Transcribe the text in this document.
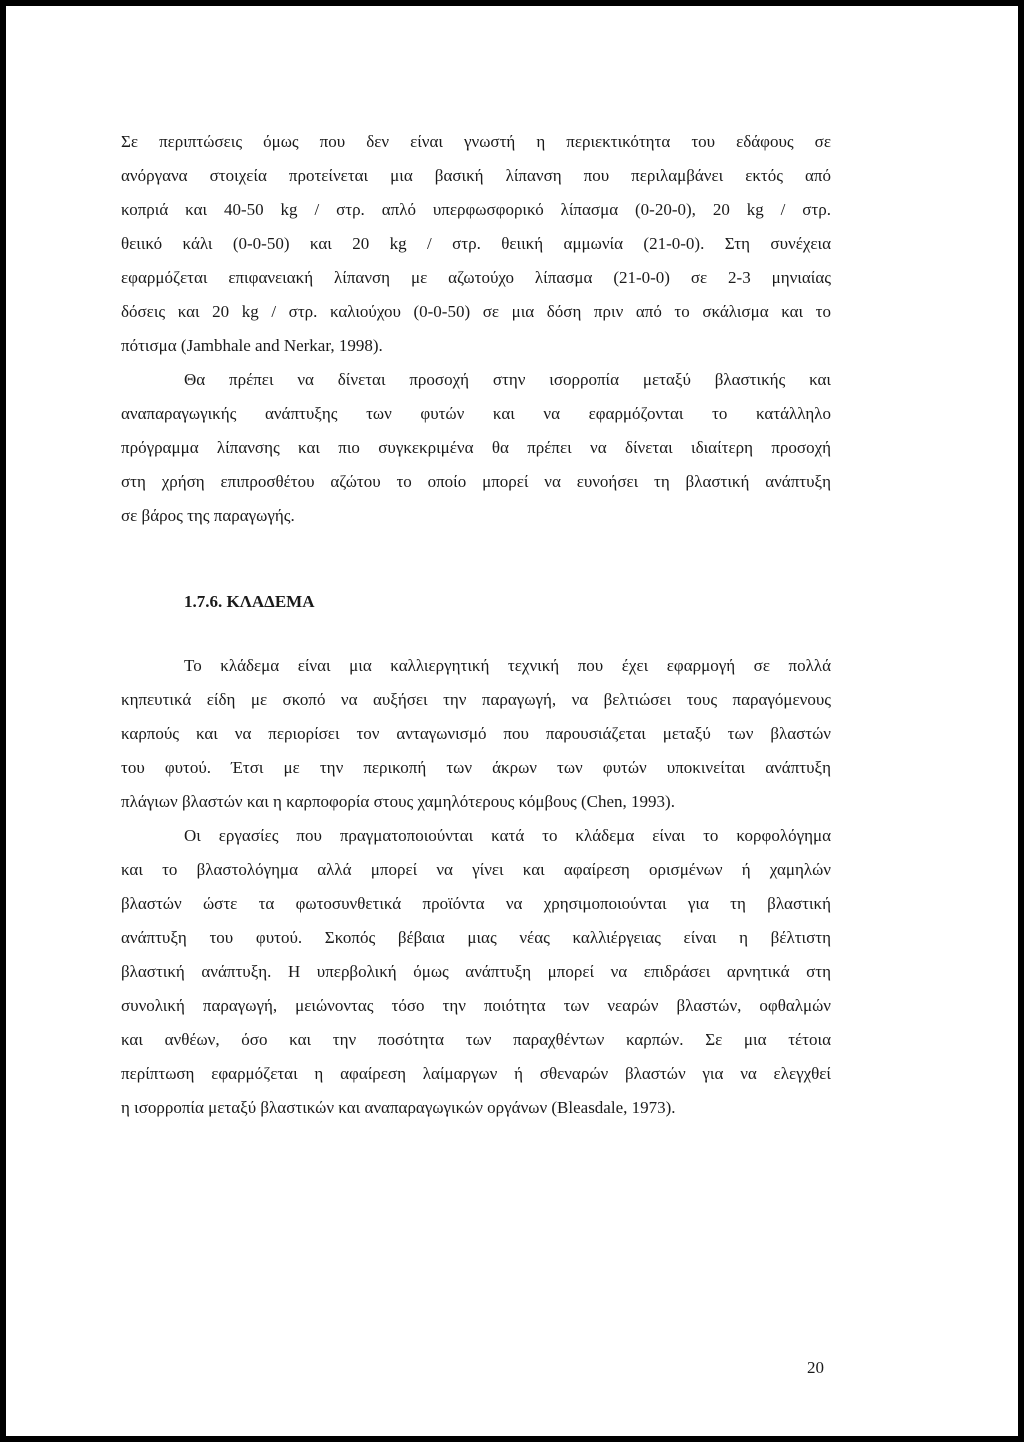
Σε περιπτώσεις όμως που δεν είναι γνωστή η περιεκτικότητα του εδάφους σε
ανόργανα στοιχεία προτείνεται μια βασική λίπανση που περιλαμβάνει εκτός από
κοπριά και 40-50 kg / στρ. απλό υπερφωσφορικό λίπασμα (0-20-0), 20 kg / στρ.
θειικό κάλι (0-0-50) και 20 kg / στρ. θειική αμμωνία (21-0-0). Στη συνέχεια
εφαρμόζεται επιφανειακή λίπανση με αζωτούχο λίπασμα (21-0-0) σε 2-3 μηνιαίας
δόσεις και 20 kg / στρ. καλιούχου (0-0-50) σε μια δόση πριν από το σκάλισμα και το
πότισμα (Jambhale and Nerkar, 1998).
Θα πρέπει να δίνεται προσοχή στην ισορροπία μεταξύ βλαστικής και
αναπαραγωγικής ανάπτυξης των φυτών και να εφαρμόζονται το κατάλληλο
πρόγραμμα λίπανσης και πιο συγκεκριμένα θα πρέπει να δίνεται ιδιαίτερη προσοχή
στη χρήση επιπροσθέτου αζώτου το οποίο μπορεί να ευνοήσει τη βλαστική ανάπτυξη
σε βάρος της παραγωγής.
1.7.6. ΚΛΑΔΕΜΑ
Το κλάδεμα είναι μια καλλιεργητική τεχνική που έχει εφαρμογή σε πολλά
κηπευτικά είδη με σκοπό να αυξήσει την παραγωγή, να βελτιώσει τους παραγόμενους
καρπούς και να περιορίσει τον ανταγωνισμό που παρουσιάζεται μεταξύ των βλαστών
του φυτού. Έτσι με την περικοπή των άκρων των φυτών υποκινείται ανάπτυξη
πλάγιων βλαστών και η καρποφορία στους χαμηλότερους κόμβους (Chen, 1993).
Οι εργασίες που πραγματοποιούνται κατά το κλάδεμα είναι το κορφολόγημα
και το βλαστολόγημα αλλά μπορεί να γίνει και αφαίρεση ορισμένων ή χαμηλών
βλαστών ώστε τα φωτοσυνθετικά προϊόντα να χρησιμοποιούνται για τη βλαστική
ανάπτυξη του φυτού. Σκοπός βέβαια μιας νέας καλλιέργειας είναι η βέλτιστη
βλαστική ανάπτυξη. Η υπερβολική όμως ανάπτυξη μπορεί να επιδράσει αρνητικά στη
συνολική παραγωγή, μειώνοντας τόσο την ποιότητα των νεαρών βλαστών, οφθαλμών
και ανθέων, όσο και την ποσότητα των παραχθέντων καρπών. Σε μια τέτοια
περίπτωση εφαρμόζεται η αφαίρεση λαίμαργων ή σθεναρών βλαστών για να ελεγχθεί
η ισορροπία μεταξύ βλαστικών και αναπαραγωγικών οργάνων (Bleasdale, 1973).
20
